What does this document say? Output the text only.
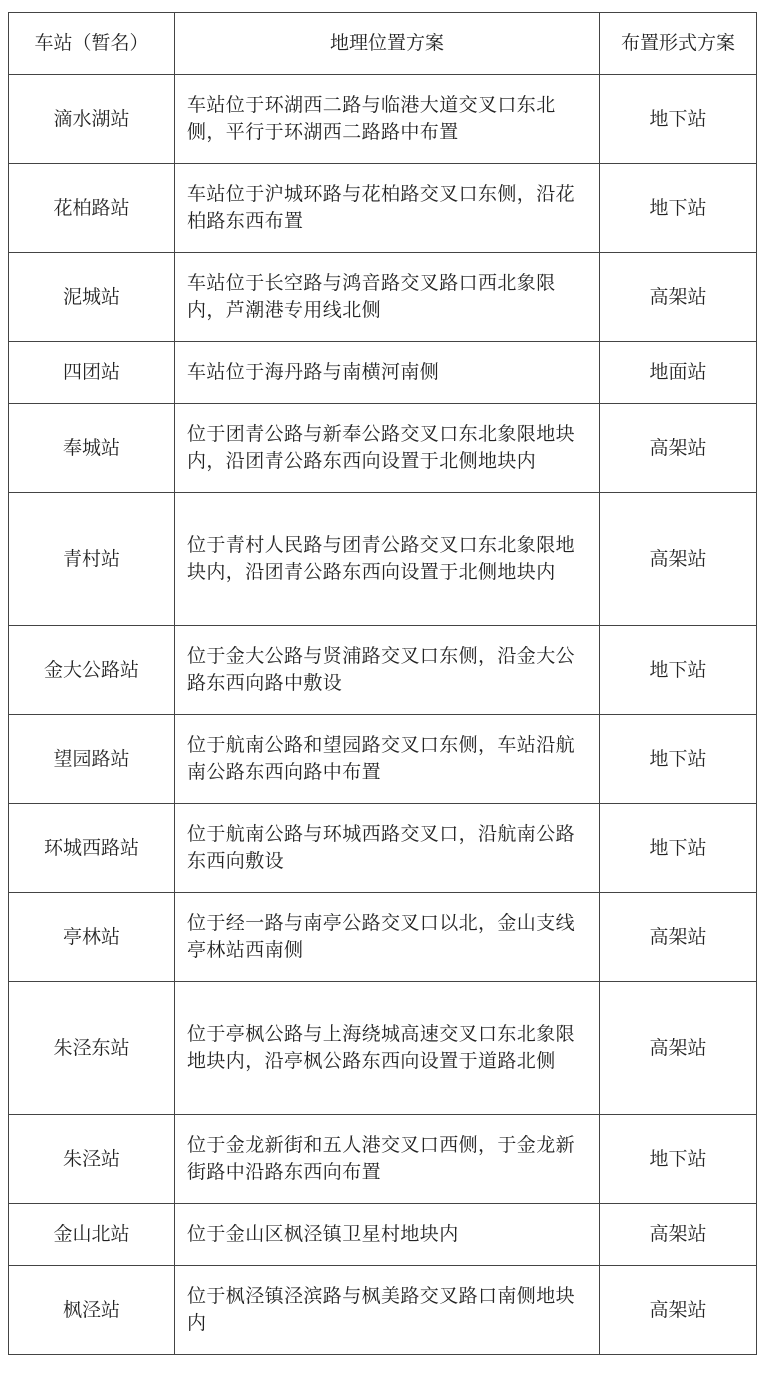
车站（暂名）	地理位置方案	布置形式方案
滴水湖站	车站位于环湖西二路与临港大道交叉口东北侧，平行于环湖西二路路中布置	地下站
花柏路站	车站位于沪城环路与花柏路交叉口东侧，沿花柏路东西布置	地下站
泥城站	车站位于长空路与鸿音路交叉路口西北象限内，芦潮港专用线北侧	高架站
四团站	车站位于海丹路与南横河南侧	地面站
奉城站	位于团青公路与新奉公路交叉口东北象限地块内，沿团青公路东西向设置于北侧地块内	高架站
青村站	位于青村人民路与团青公路交叉口东北象限地块内，沿团青公路东西向设置于北侧地块内	高架站
金大公路站	位于金大公路与贤浦路交叉口东侧，沿金大公路东西向路中敷设	地下站
望园路站	位于航南公路和望园路交叉口东侧，车站沿航南公路东西向路中布置	地下站
环城西路站	位于航南公路与环城西路交叉口，沿航南公路东西向敷设	地下站
亭林站	位于经一路与南亭公路交叉口以北，金山支线亭林站西南侧	高架站
朱泾东站	位于亭枫公路与上海绕城高速交叉口东北象限地块内，沿亭枫公路东西向设置于道路北侧	高架站
朱泾站	位于金龙新街和五人港交叉口西侧，于金龙新街路中沿路东西向布置	地下站
金山北站	位于金山区枫泾镇卫星村地块内	高架站
枫泾站	位于枫泾镇泾滨路与枫美路交叉路口南侧地块内	高架站
